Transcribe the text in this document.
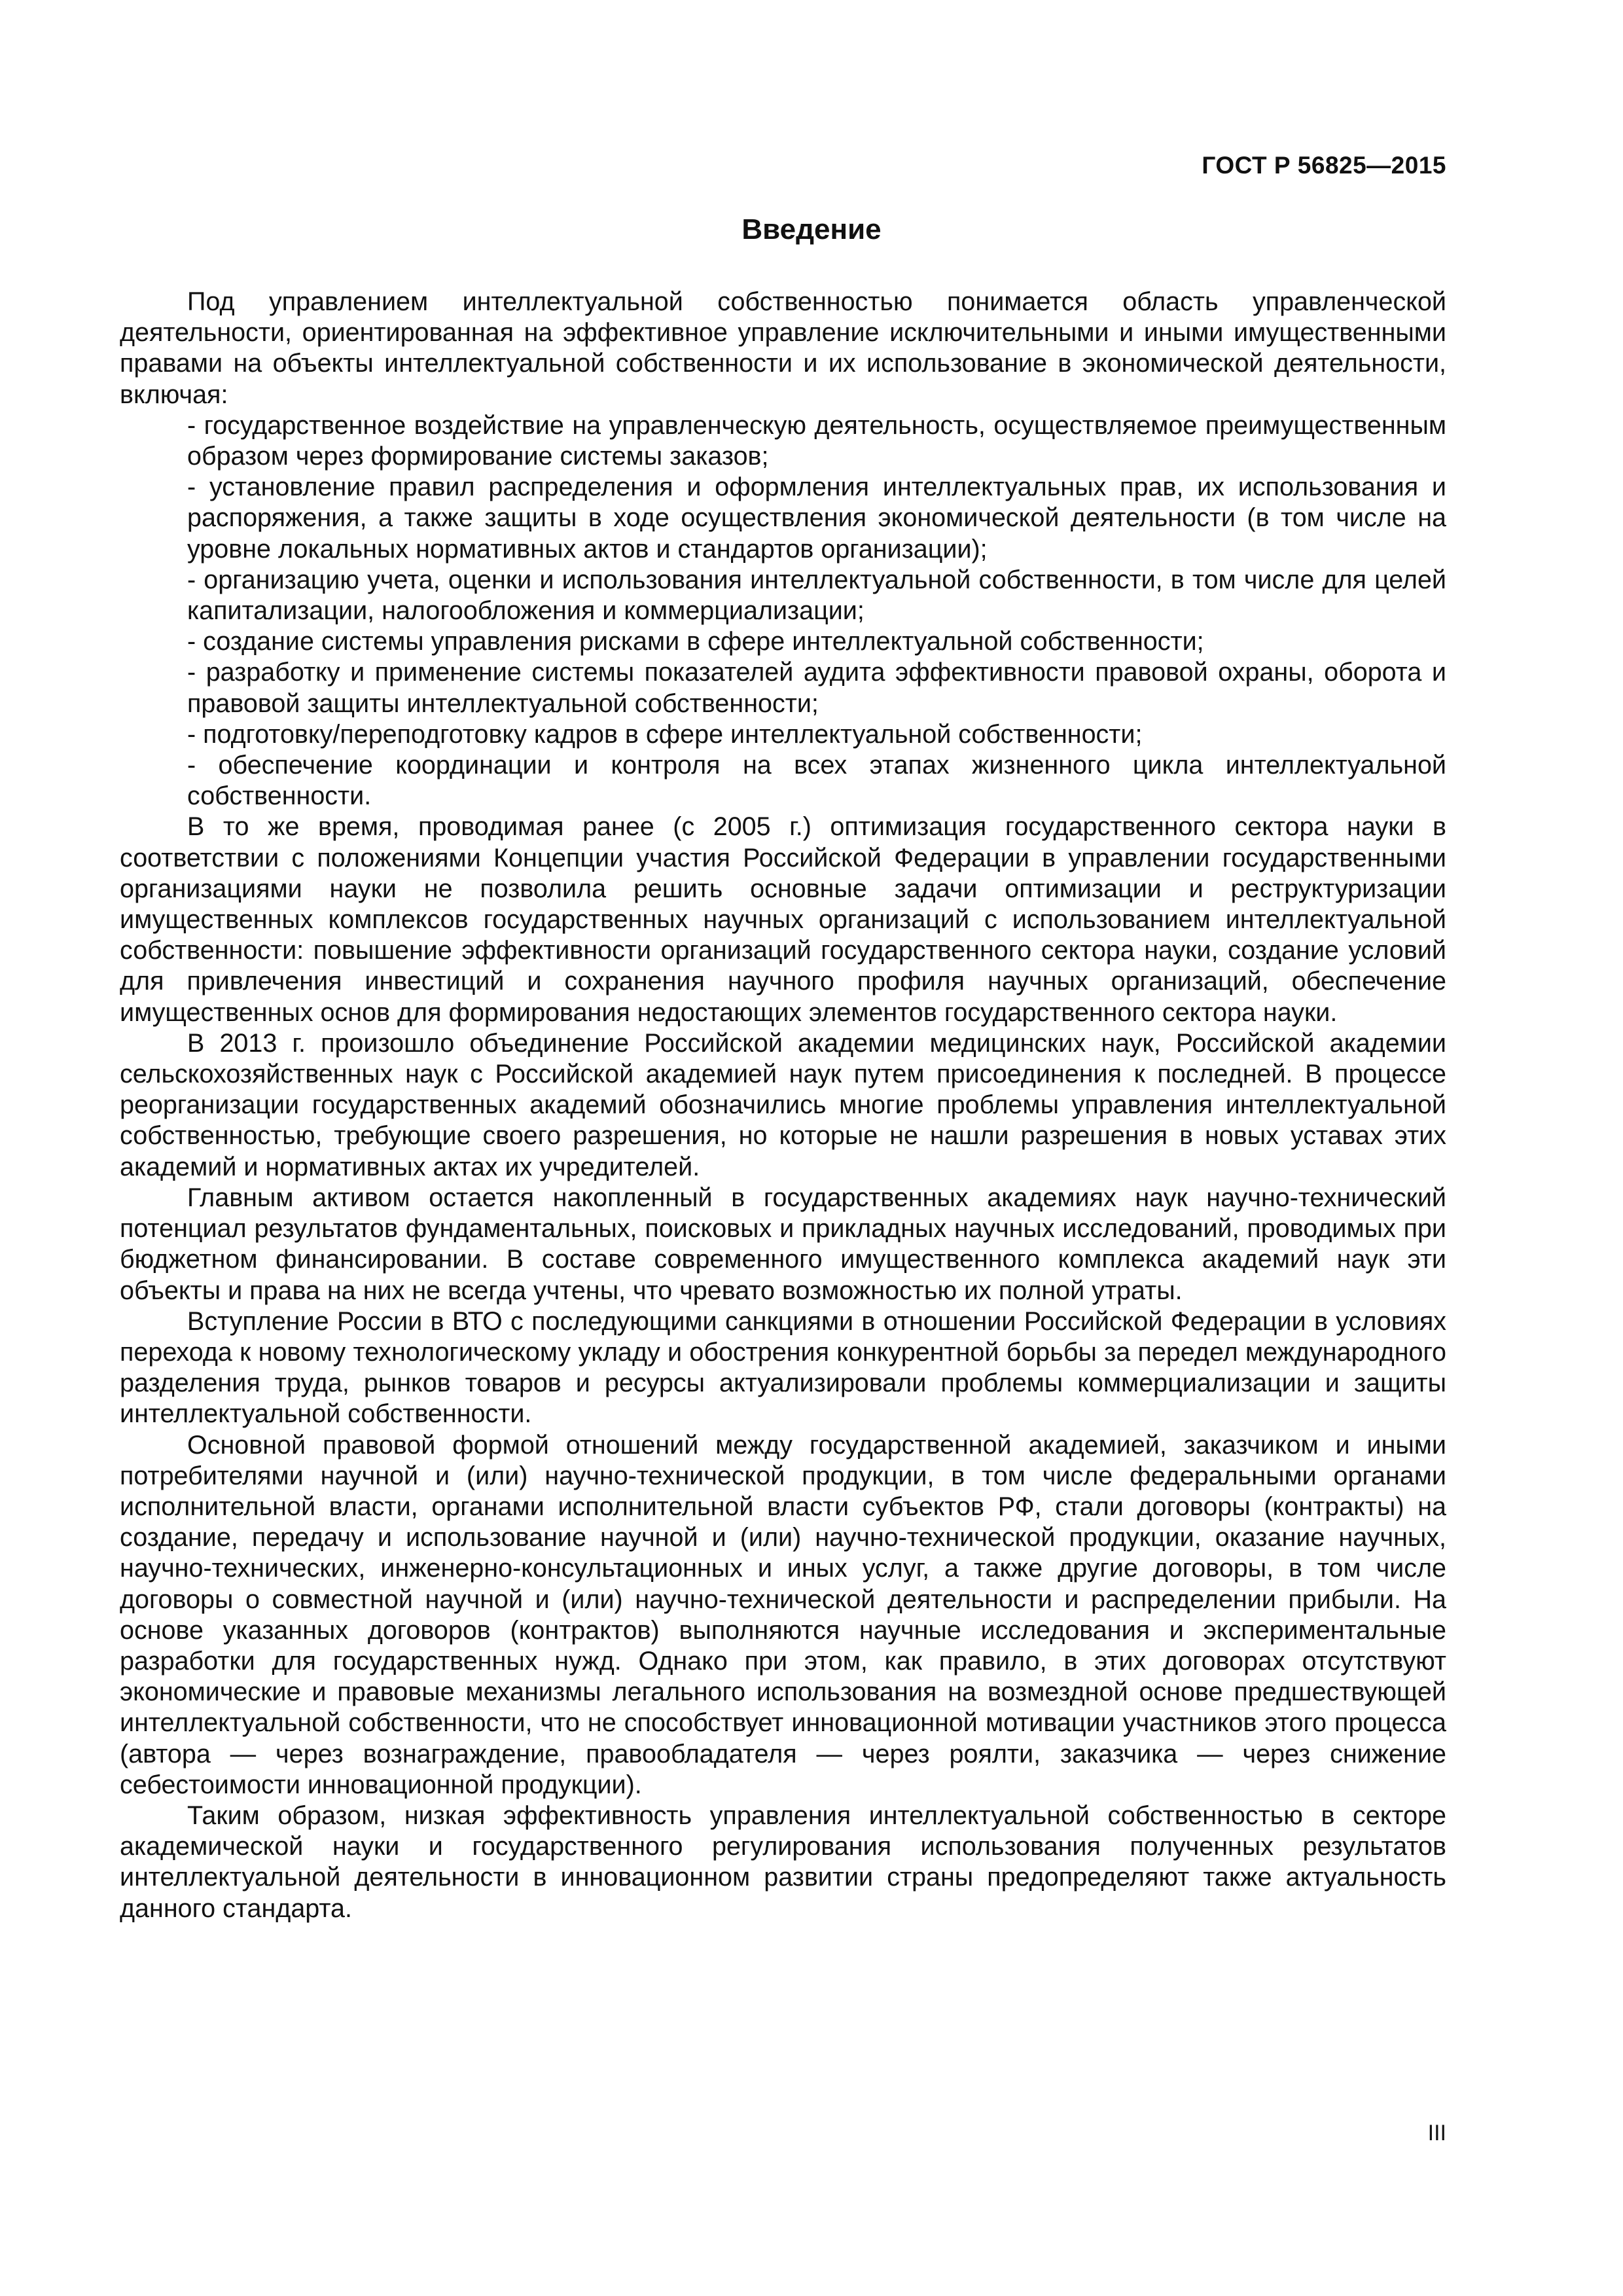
ГОСТ Р 56825—2015
Введение

Под управлением интеллектуальной собственностью понимается область управленческой деятельности, ориентированная на эффективное управление исключительными и иными имущественными правами на объекты интеллектуальной собственности и их использование в экономической деятельности, включая:

- государственное воздействие на управленческую деятельность, осуществляемое преимущественным образом через формирование системы заказов;

- установление правил распределения и оформления интеллектуальных прав, их использования и распоряжения, а также защиты в ходе осуществления экономической деятельности (в том числе на уровне локальных нормативных актов и стандартов организации);

- организацию учета, оценки и использования интеллектуальной собственности, в том числе для целей капитализации, налогообложения и коммерциализации;

- создание системы управления рисками в сфере интеллектуальной собственности;

- разработку и применение системы показателей аудита эффективности правовой охраны, оборота и правовой защиты интеллектуальной собственности;

- подготовку/переподготовку кадров в сфере интеллектуальной собственности;

- обеспечение координации и контроля на всех этапах жизненного цикла интеллектуальной собственности.

В то же время, проводимая ранее (с 2005 г.) оптимизация государственного сектора науки в соответствии с положениями Концепции участия Российской Федерации в управлении государственными организациями науки не позволила решить основные задачи оптимизации и реструктуризации имущественных комплексов государственных научных организаций с использованием интеллектуальной собственности: повышение эффективности организаций государственного сектора науки, создание условий для привлечения инвестиций и сохранения научного профиля научных организаций, обеспечение имущественных основ для формирования недостающих элементов государственного сектора науки.

В 2013 г. произошло объединение Российской академии медицинских наук, Российской академии сельскохозяйственных наук с Российской академией наук путем присоединения к последней. В процессе реорганизации государственных академий обозначились многие проблемы управления интеллектуальной собственностью, требующие своего разрешения, но которые не нашли разрешения в новых уставах этих академий и нормативных актах их учредителей.

Главным активом остается накопленный в государственных академиях наук научно-технический потенциал результатов фундаментальных, поисковых и прикладных научных исследований, проводимых при бюджетном финансировании. В составе современного имущественного комплекса академий наук эти объекты и права на них не всегда учтены, что чревато возможностью их полной утраты.

Вступление России в ВТО с последующими санкциями в отношении Российской Федерации в условиях перехода к новому технологическому укладу и обострения конкурентной борьбы за передел международного разделения труда, рынков товаров и ресурсы актуализировали проблемы коммерциализации и защиты интеллектуальной собственности.

Основной правовой формой отношений между государственной академией, заказчиком и иными потребителями научной и (или) научно-технической продукции, в том числе федеральными органами исполнительной власти, органами исполнительной власти субъектов РФ, стали договоры (контракты) на создание, передачу и использование научной и (или) научно-технической продукции, оказание научных, научно-технических, инженерно-консультационных и иных услуг, а также другие договоры, в том числе договоры о совместной научной и (или) научно-технической деятельности и распределении прибыли. На основе указанных договоров (контрактов) выполняются научные исследования и экспериментальные разработки для государственных нужд. Однако при этом, как правило, в этих договорах отсутствуют экономические и правовые механизмы легального использования на возмездной основе предшествующей интеллектуальной собственности, что не способствует инновационной мотивации участников этого процесса (автора — через вознаграждение, правообладателя — через роялти, заказчика — через снижение себестоимости инновационной продукции).

Таким образом, низкая эффективность управления интеллектуальной собственностью в секторе академической науки и государственного регулирования использования полученных результатов интеллектуальной деятельности в инновационном развитии страны предопределяют также актуальность данного стандарта.

III
